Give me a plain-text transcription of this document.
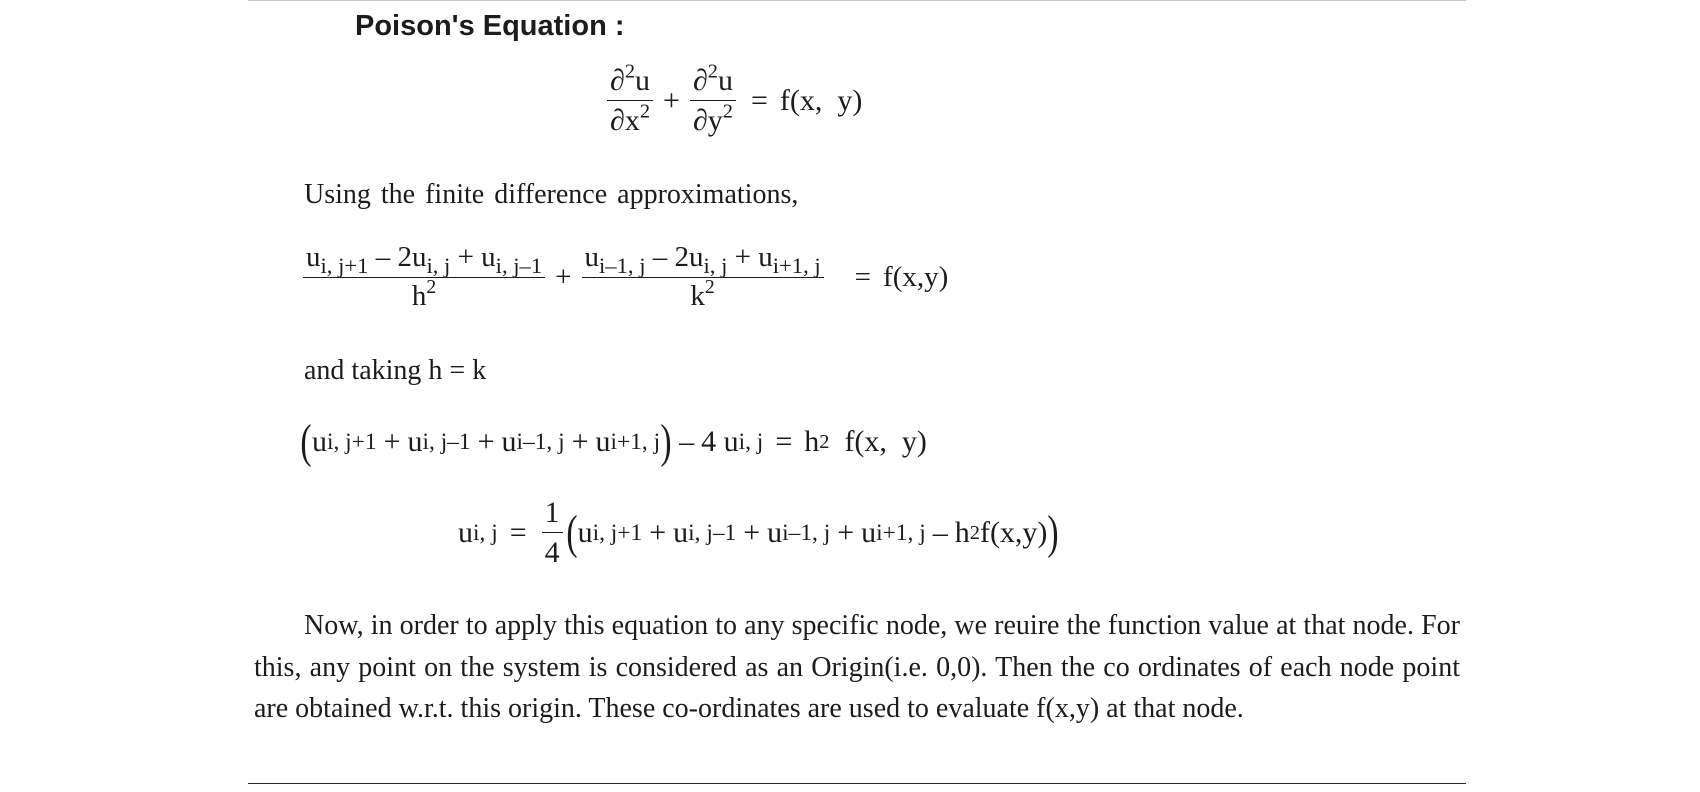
Poison's Equation :
$\frac{\partial^2u}{\partial x^2} + \frac{\partial^2u}{\partial y^2} = f(x$,  y)

Using the finite difference approximations,

$\frac{u_{i, j+1} - 2u_{i, j} + u_{i, j-1}}{h^2} + \frac{u_{i-1, j} - 2u_{i, j} + u_{i+1, j}}{k^2} = f(x,y)$

and taking h = k

( u i, j+1 + u i, j–1 + u i–1, j + u i+1, j ) – 4 u i, j = h 2 f(x,  y)
u i, $j = \frac{1}{4}$ ( u i, j+1 + u i, j–1 + u i–1, j + u i+1, j – h 2 f(x,y) )

Now, in order to apply this equation to any specific node, we reuire the function value at that node. For this, any point on the system is considered as an Origin(i.e. 0,0). Then the co ordinates of each node point are obtained w.r.t. this origin. These co-ordinates are used to evaluate f(x,y) at that node.
